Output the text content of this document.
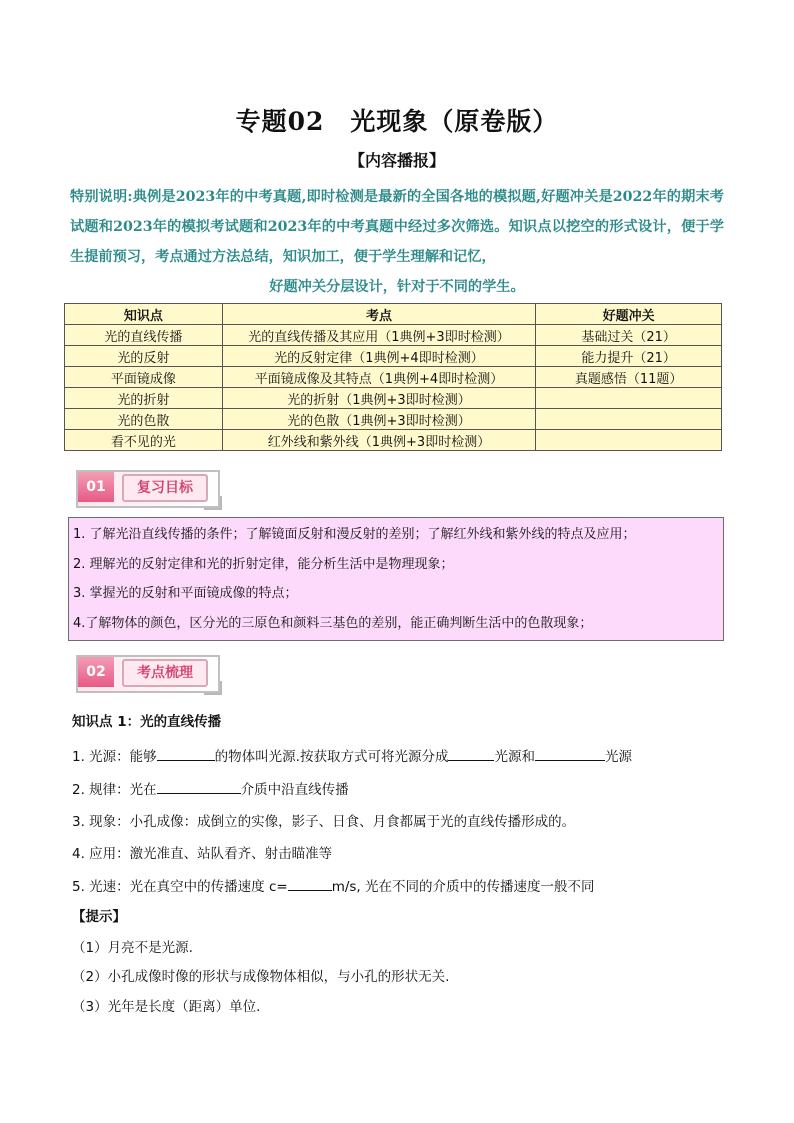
专题02　光现象（原卷版）
【内容播报】
特别说明:典例是2023年的中考真题,即时检测是最新的全国各地的模拟题,好题冲关是2022年的期末考试题和2023年的模拟考试题和2023年的中考真题中经过多次筛选。知识点以挖空的形式设计，便于学生提前预习，考点通过方法总结，知识加工，便于学生理解和记忆，
好题冲关分层设计，针对于不同的学生。
知识点	考点	好题冲关
光的直线传播	光的直线传播及其应用（1典例+3即时检测）	基础过关（21）
光的反射	光的反射定律（1典例+4即时检测）	能力提升（21）
平面镜成像	平面镜成像及其特点（1典例+4即时检测）	真题感悟（11题）
光的折射	光的折射（1典例+3即时检测）	
光的色散	光的色散（1典例+3即时检测）	
看不见的光	红外线和紫外线（1典例+3即时检测）	
01	复习目标
1. 了解光沿直线传播的条件；了解镜面反射和漫反射的差别；了解红外线和紫外线的特点及应用；
2. 理解光的反射定律和光的折射定律，能分析生活中是物理现象；
3. 掌握光的反射和平面镜成像的特点；
4.了解物体的颜色，区分光的三原色和颜料三基色的差别，能正确判断生活中的色散现象；
02	考点梳理
知识点 1：光的直线传播
1. 光源：能够	的物体叫光源.按获取方式可将光源分成	光源和	光源
2. 规律：光在	介质中沿直线传播
3. 现象：小孔成像：成倒立的实像，影子、日食、月食都属于光的直线传播形成的。
4. 应用：激光准直、站队看齐、射击瞄准等
5. 光速：光在真空中的传播速度 c=	m/s, 光在不同的介质中的传播速度一般不同
【提示】
（1）月亮不是光源.
（2）小孔成像时像的形状与成像物体相似，与小孔的形状无关.
（3）光年是长度（距离）单位.
